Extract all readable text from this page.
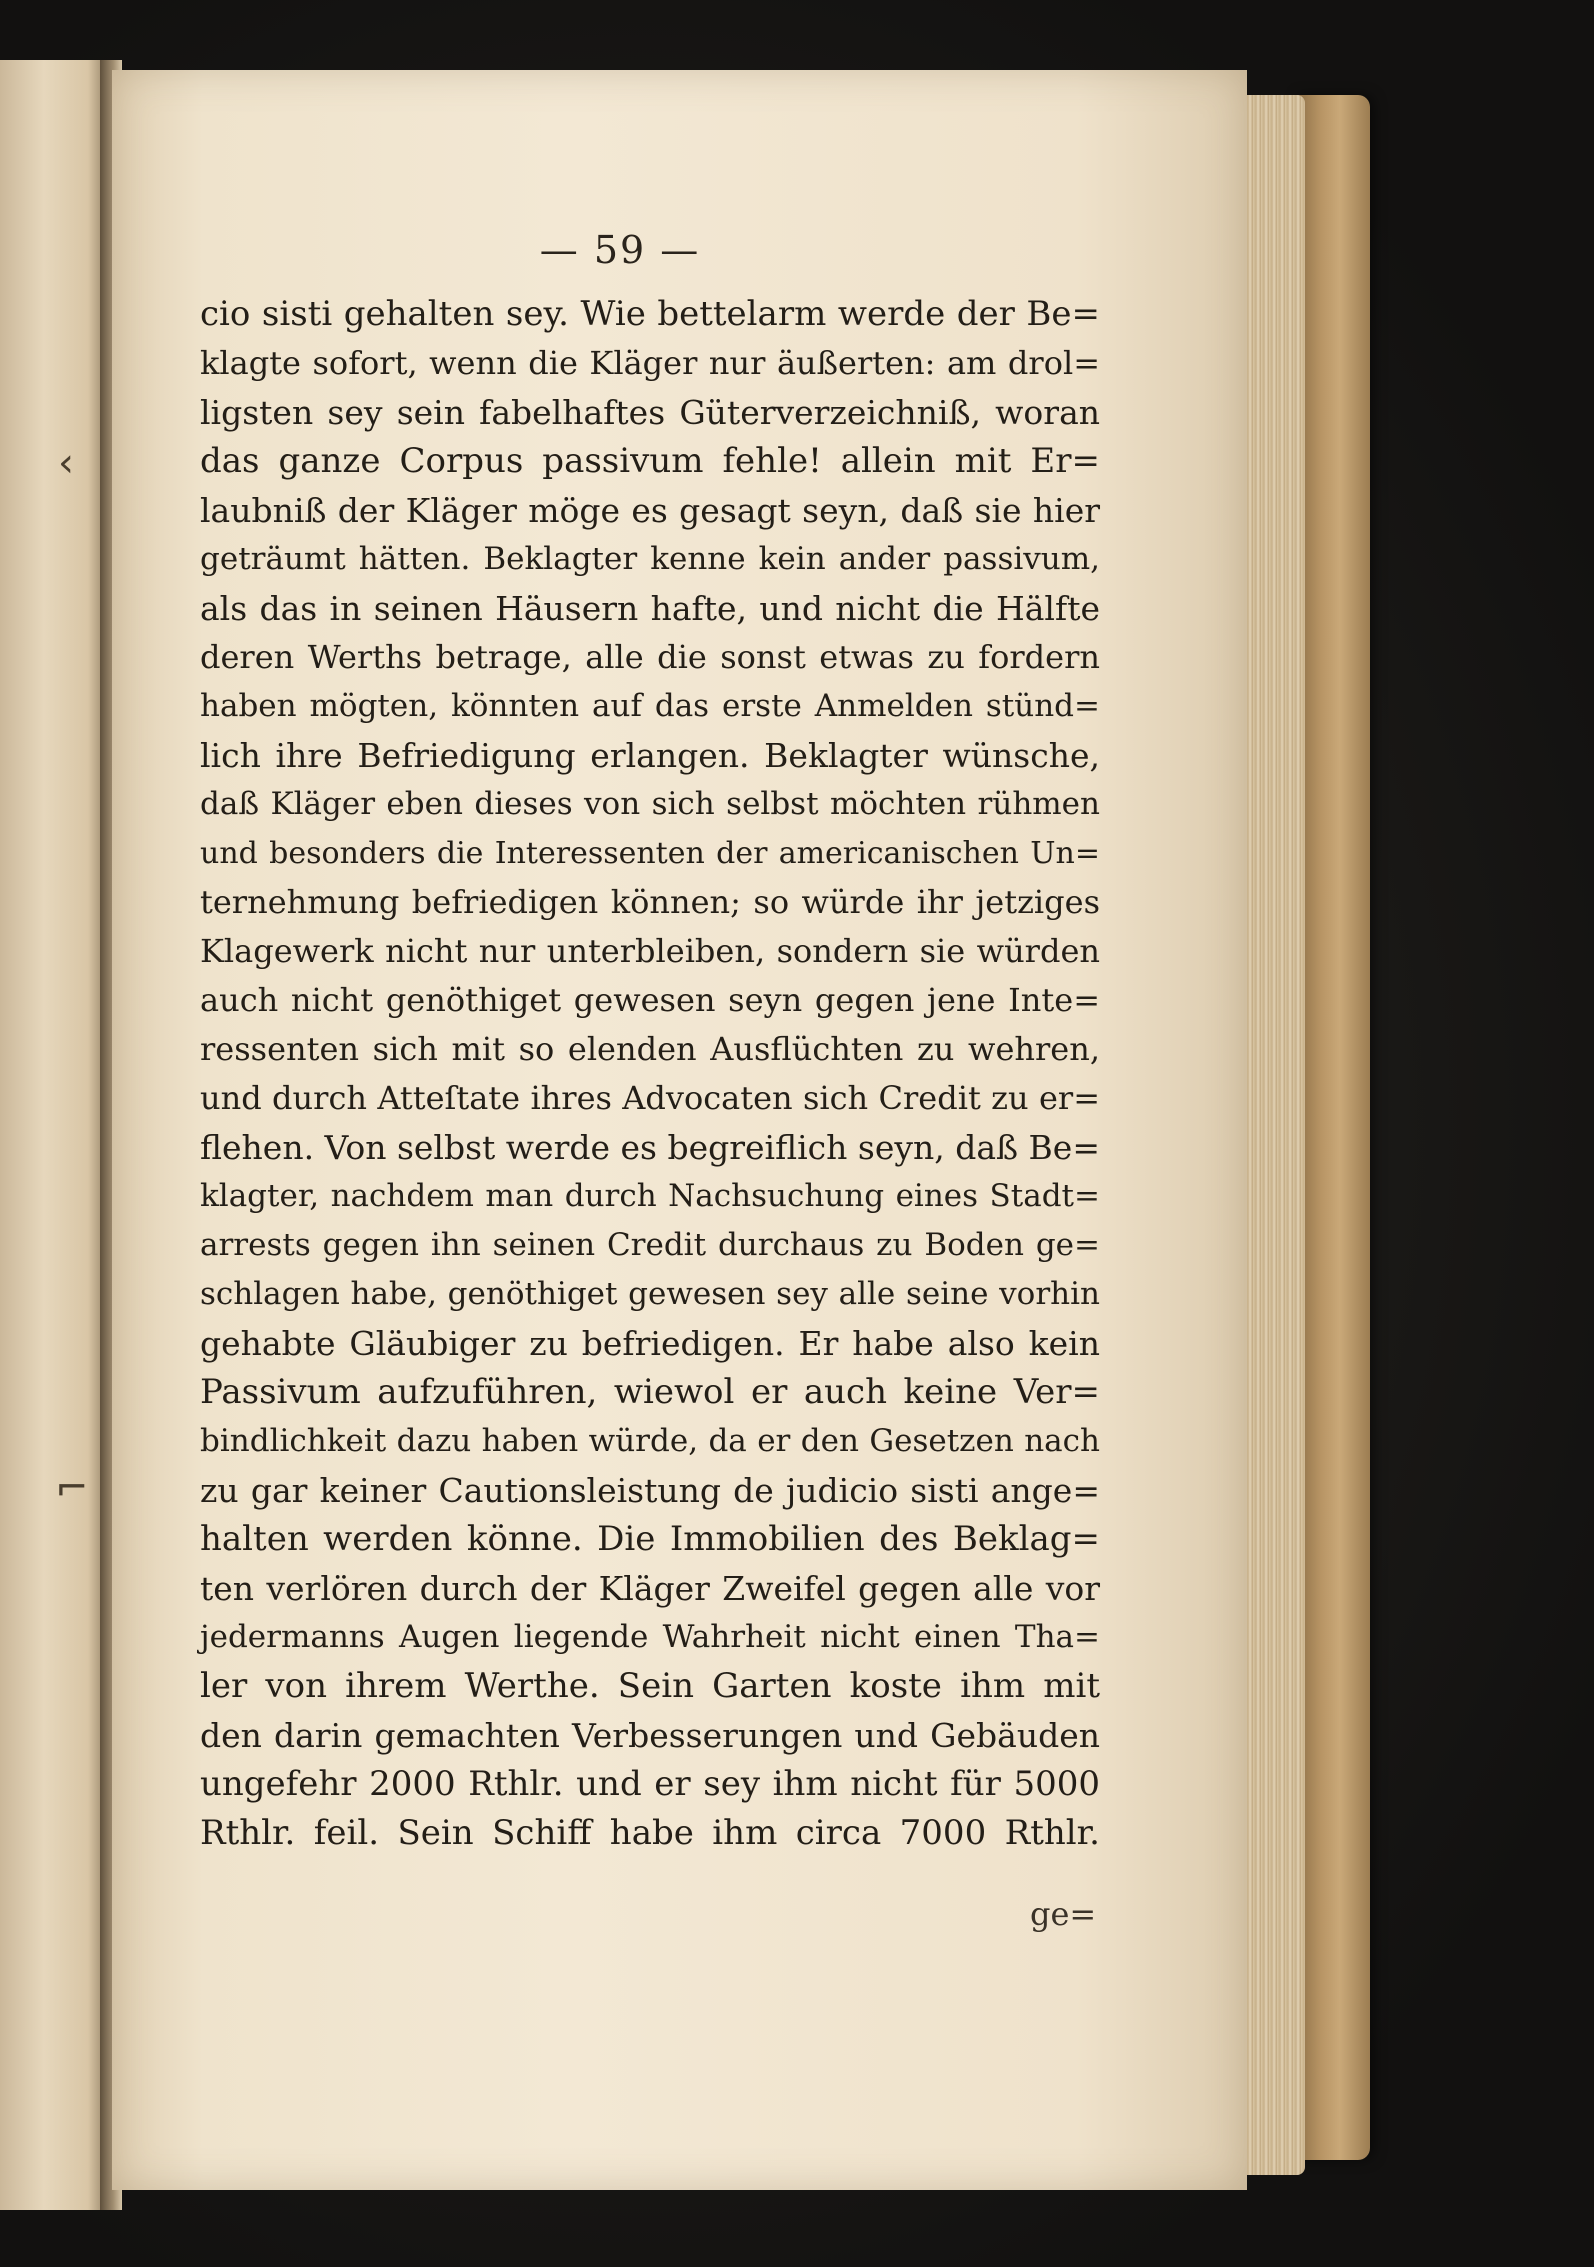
‹
⌐
— 59 —
cio sisti gehalten sey. Wie bettelarm werde der Be=
klagte sofort, wenn die Kläger nur äußerten: am drol=
ligsten sey sein fabelhaftes Güterverzeichniß, woran
das ganze Corpus passivum fehle! allein mit Er=
laubniß der Kläger möge es gesagt seyn, daß sie hier
geträumt hätten. Beklagter kenne kein ander passivum,
als das in seinen Häusern hafte, und nicht die Hälfte
deren Werths betrage, alle die sonst etwas zu fordern
haben mögten, könnten auf das erste Anmelden stünd=
lich ihre Befriedigung erlangen. Beklagter wünsche,
daß Kläger eben dieses von sich selbst möchten rühmen
und besonders die Interessenten der americanischen Un=
ternehmung befriedigen können; so würde ihr jetziges
Klagewerk nicht nur unterbleiben, sondern sie würden
auch nicht genöthiget gewesen seyn gegen jene Inte=
ressenten sich mit so elenden Ausflüchten zu wehren,
und durch Atteſtate ihres Advocaten sich Credit zu er=
flehen. Von selbst werde es begreiflich seyn, daß Be=
klagter, nachdem man durch Nachsuchung eines Stadt=
arrests gegen ihn seinen Credit durchaus zu Boden ge=
schlagen habe, genöthiget gewesen sey alle seine vorhin
gehabte Gläubiger zu befriedigen. Er habe also kein
Passivum aufzuführen, wiewol er auch keine Ver=
bindlichkeit dazu haben würde, da er den Gesetzen nach
zu gar keiner Cautionsleistung de judicio sisti ange=
halten werden könne. Die Immobilien des Beklag=
ten verlören durch der Kläger Zweifel gegen alle vor
jedermanns Augen liegende Wahrheit nicht einen Tha=
ler von ihrem Werthe. Sein Garten koste ihm mit
den darin gemachten Verbesserungen und Gebäuden
ungefehr 2000 Rthlr. und er sey ihm nicht für 5000
Rthlr. feil. Sein Schiff habe ihm circa 7000 Rthlr.
ge=
